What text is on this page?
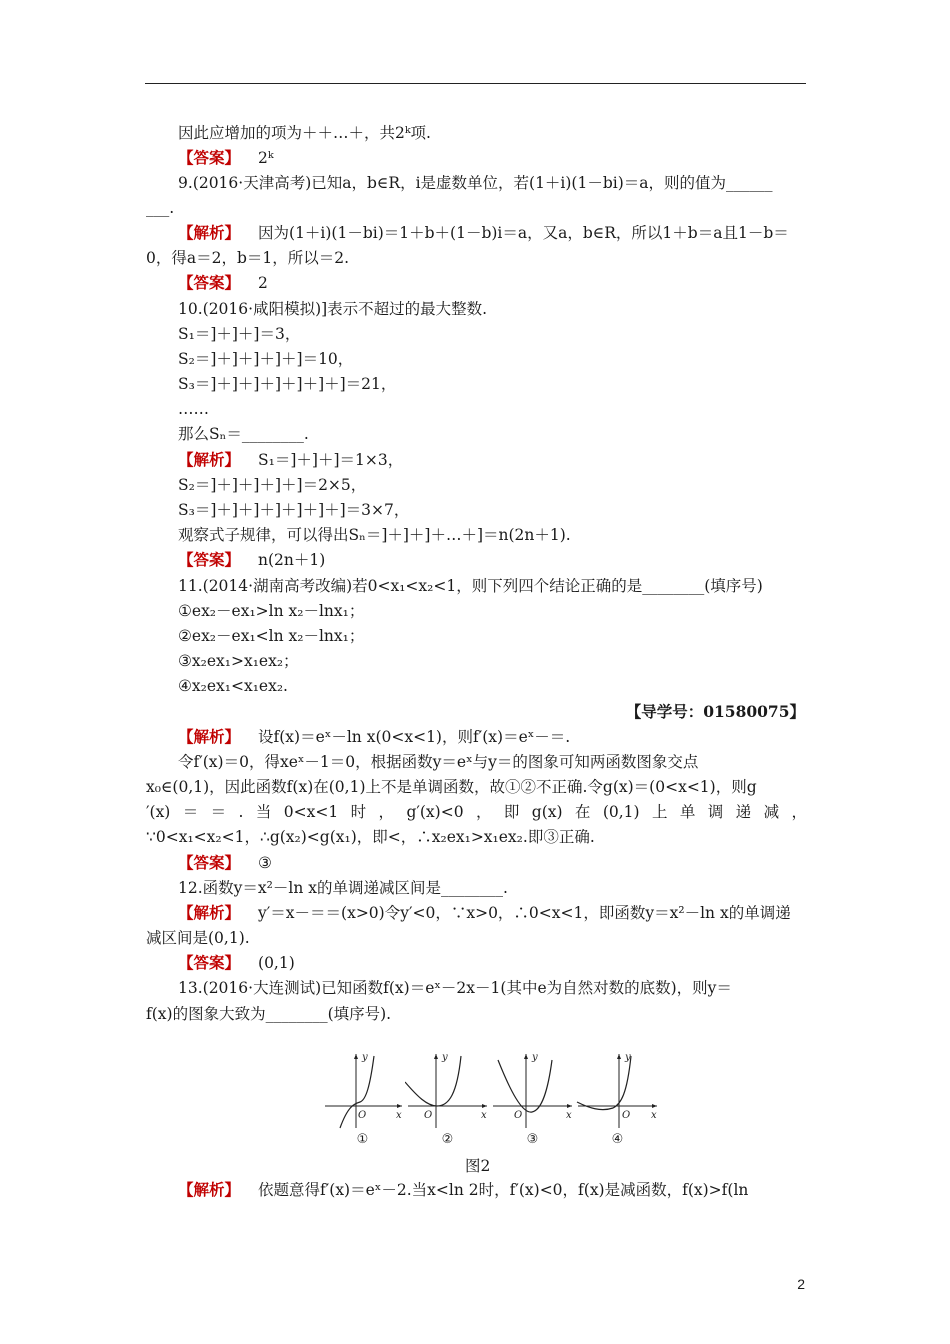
因此应增加的项为＋＋…＋，共2ᵏ项.
【答案】 2ᵏ
9.(2016·天津高考)已知a，b∈R，i是虚数单位，若(1＋i)(1－bi)＝a，则的值为______
___.
【解析】 因为(1＋i)(1－bi)＝1＋b＋(1－b)i＝a，又a，b∈R，所以1＋b＝a且1－b＝
0，得a＝2，b＝1，所以＝2.
【答案】 2
10.(2016·咸阳模拟)]表示不超过的最大整数.
S₁＝]＋]＋]＝3，
S₂＝]＋]＋]＋]＋]＝10，
S₃＝]＋]＋]＋]＋]＋]＋]＝21，
……
那么Sₙ＝________.
【解析】 S₁＝]＋]＋]＝1×3，
S₂＝]＋]＋]＋]＋]＝2×5，
S₃＝]＋]＋]＋]＋]＋]＋]＝3×7，
观察式子规律，可以得出Sₙ＝]＋]＋]＋…＋]＝n(2n＋1).
【答案】 n(2n＋1)
11.(2014·湖南高考改编)若0<x₁<x₂<1，则下列四个结论正确的是________(填序号)
①ex₂－ex₁>ln x₂－lnx₁；
②ex₂－ex₁<ln x₂－lnx₁；
③x₂ex₁>x₁ex₂；
④x₂ex₁<x₁ex₂.
【导学号：01580075】
【解析】 设f(x)＝eˣ－ln x(0<x<1)，则f′(x)＝eˣ－＝.
令f′(x)＝0，得xeˣ－1＝0，根据函数y＝eˣ与y＝的图象可知两函数图象交点
x₀∈(0,1)，因此函数f(x)在(0,1)上不是单调函数，故①②不正确.令g(x)＝(0<x<1)，则g
′(x)＝＝.当0<x<1时，g′(x)<0，即g(x)在(0,1)上单调递减，
∵0<x₁<x₂<1，∴g(x₂)<g(x₁)，即<，∴x₂ex₁>x₁ex₂.即③正确.
【答案】 ③
12.函数y＝x²－ln x的单调递减区间是________.
【解析】 y′＝x－＝＝(x>0)令y′<0，∵x>0，∴0<x<1，即函数y＝x²－ln x的单调递
减区间是(0,1).
【答案】 (0,1)
13.(2016·大连测试)已知函数f(x)＝eˣ－2x－1(其中e为自然对数的底数)，则y＝
f(x)的图象大致为________(填序号).
y
x
O
①
y
x
O
②
y
x
O
③
y
x
O
④
图2
【解析】 依题意得f′(x)＝eˣ－2.当x<ln 2时，f′(x)<0，f(x)是减函数，f(x)>f(ln
2
